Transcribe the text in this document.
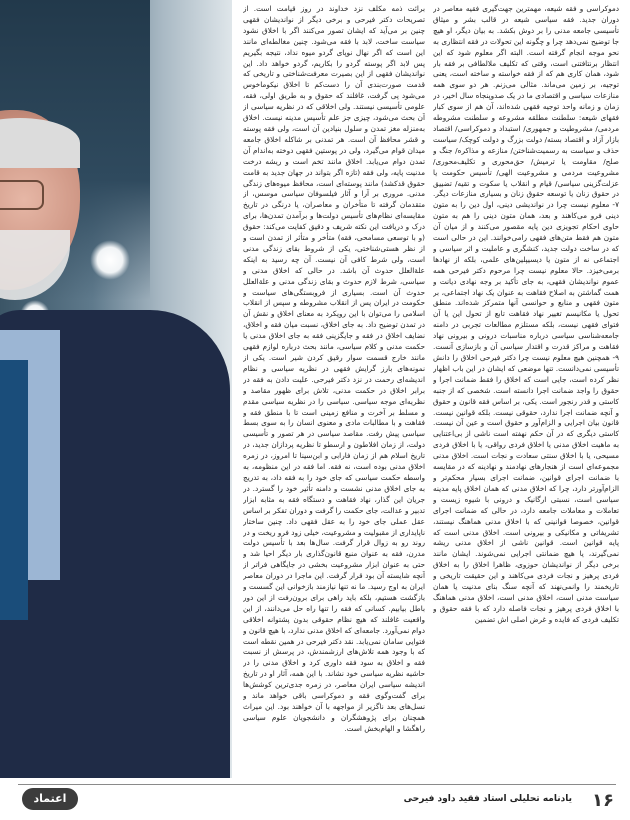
دموکراسی و فقه شیعه، مهمترین جهت‌گیری فقیه معاصر در دوران جدید. فقه سیاسی شیعه در قالب بشر و میثاق تأسیسی جامعه مدنی را بر دوش بکشد. به بیان دیگر، او هیچ جا توضیح نمی‌دهد چرا و چگونه این تحولات در فقه انتظاری به نحو موجه انجام گرفته است. البته اگر معلوم شود که این انتظار برنتافتنی است، وقتی که تکلیف ملالطافی بر فقه بار شود، همان کاری هم که از فقه خواسته و ساخته است، یعنی توجیه، بر زمین می‌ماند. مثالی می‌زنم. هر دو سوی همه منازعات سیاسی و اقتصادی ما در یک صدوپنجاه سال اخیر، در زمان و زمانه واحد توجیه فقهی شده‌اند، آن هم از سوی کبار فقهای شیعه: سلطنت مطلقه مشروعه و سلطنت مشروطه مردمی/ مشروطیت و جمهوری/ استبداد و دموکراسی/ اقتصاد بازار آزاد و اقتصاد بسته/ دولت بزرگ و دولت کوچک/ سیاست حذف و سیاست به رسمیت‌شناختن/ منازعه و مذاکره/ جنگ و صلح/ مقاومت یا ترمیش/ حق‌محوری و تکلیف‌محوری/ مشروعیت مردمی و مشروعیت الهی/ تأسیس حکومت یا عزلت‌گزینی سیاسی/ قیام و انقلاب یا سکوت و تقیه/ تضییق در حقوق زنان یا توسعه حقوق زنان و بسیاری منازعات دیگر. ۷- معلوم نیست چرا در نواندیشی دینی، اول دین را به متون دینی فرو می‌کاهند و بعد، همان متون دینی را هم به متون حاوی احکام تجویزی دین پایه مقصور می‌کنند و از میان آن متون هم فقط متن‌های فقهی رامی‌خوانند. این در حالی است که در ساخت دولت جدید، کنشگری و عاملیت و اثر سیاسی و اجتماعی نه از متون یا دیسیپلین‌های علمی، بلکه از نهادها برمی‌خیزد. حالا معلوم نیست چرا مرحوم دکتر فیرحی همه عموم نواندیشان فقهی، به جای تأکید بر وجه نهادی دیانت و همت گماشتن به اصلاح فقاهت به عنوان یک نهاد اجتماعی، بر متون فقهی و منابع و حوانسی آنها متمرکز شده‌اند. منطق تحول یا مکانیسم تغییر نهاد فقاهت تابع از تحول این یا آن فتوای فقهی نیست، بلکه مستلزم مطالعات تجربی در دامنه جامعه‌شناسی سیاسی درباره مناسبات درونی و بیرونی نهاد فقاهت و مراکز قدرت و اقتدار سیاسی آن و بازسازی آنست. ۹- همچنین هیچ معلوم نیست چرا دکتر فیرحی اخلاق را دانش تأسیسی نمی‌دانست. تنها موضعی که ایشان در این باب اظهار نظر کرده است، جایی است که اخلاق را فقط ضمانت اجرا و حقوق را واجد ضمانت اجرا دانسته است. شخصی که از جنبه کاستی و قدر رنجور است. یکی، بر اساس فقه قانون و حقوق و آنچه ضمانت اجرا ندارد، حقوقی نیست. بلکه قوانین نیست. قانون بیان اجرایی و الزام‌آور و حقوق است و عین آن نیست. کاستی دیگری که در آن حکم نهفته است ناشی از بی‌اعتنایی به ماهیت اخلاق مدنی یا اخلاق فردی رواقی، یا با اخلاق فردی مسیحی، یا با اخلاق سنتی سعادت و نجات است. اخلاق مدنی مجموعه‌ای است از هنجارهای نهادمند و نهادینه که در مقایسه با ضمانت اجرای قوانین، ضمانت اجرای بسیار محکم‌تر و الزام‌آورتر دارد، چرا که اخلاق مدنی که همان اخلاق پایه مدینه سیاسی است، نسبتی ارگانیک و درونی با شیوه زیست و تعاملات و معاملات جامعه دارد، در حالی که ضمانت اجرای قوانین، خصوصا قوانینی که با اخلاق مدنی هماهنگ نیستند، تشریفاتی و مکانیکی و بیرونی است. اخلاق مدنی است که پایه قوانین است. قوانین ناشی از اخلاق مدنی ریشه نمی‌گیرند، یا هیچ ضمانتی اجرایی نمی‌شوند. ایشان مانند برخی دیگر از نواندیشان حوزوی، ظاهرا اخلاق را به اخلاق فردی پرهیز و نجات فردی می‌کاهند و این حقیقت تاریخی و تاریخمند را وانمی‌نهند که آنچه سنگ بنای مدنیت یا همان سیاست مدنی است، اخلاق مدنی است، اخلاق مدنی هماهنگ با اخلاق فردی پرهیز و نجات فاصله دارد که با فقه حقوق و تکلیف فردی که فایده و غرض اصلی اش تضمین

برائت ذمه مکلف نزد خداوند در روز قیامت است. از تصریحات دکتر فیرحی و برخی دیگر از نواندیشان فقهی چنین بر می‌آید که ایشان تصور می‌کنند اگر با اخلاق نشود سیاست ساخت، لابد با فقه می‌شود. چنین مغالطه‌ای مانند این است که اگر نهال نوپای گردو میوه نداد، نتیجه بگیریم پس لابد اگر پوسته گردو را بکاریم، گردو خواهد داد. این نواندیشان فقهی از این بصیرت معرفت‌شناختی و تاریخی که قدمت صورت‌بندی آن را دست‌کم تا اخلاق نیکوماخوس می‌شود پی گرفت، غافلند که حقوق و به طریق اولی، فقه، علومی تأسیسی نیستند. ولی اخلاقی که در نظریه سیاسی از آن بحث می‌شود، چیزی جز علم تأسیس مدینه نیست. اخلاق به‌منزله مغز تمدن و سلول بنیادین آن است، ولی فقه پوسته و قشر محافظ آن است. هر تمدنی بر شاکله اخلاق جامعه میدان قوام می‌گیرد، ولی در پوستین فقهی دوخته به‌اندام آن تمدن دوام می‌یابد. اخلاق مانند تخم است و ریشه درخت مدنیت پایه، ولی فقه (تازه اگر بتواند در جهان جدید به قامت حقوق قدکشد) مانند پوسته‌ای است، محافظ میوه‌های زندگی مدنی. مروری بر آرا و آثار فیلسوفان سیاسی موسس، از متقدمان گرفته تا متأخران و معاصران، یا درنگی در تاریخ مقایسه‌ای نظام‌های تأسیس دولت‌ها و برآمدن تمدن‌ها، برای درک و دریافت این نکته شریف و دقیق کفایت می‌کند: حقوق (و با توسعی مسامحی، فقه) متأخر و متأثر از تمدن است و از نظر هستی‌شناختی، یکی از شروط بقای زندگی مدنی است، ولی شرط کافی آن نیست. آن چه رسید به اینکه علة‌العلل حدوث آن باشد. در حالی که اخلاق مدنی و سیاسی، شرط لازم حدوث و بقای زندگی مدنی و علة‌العلل حدوث آن است. بسیاری از فروبستگی‌های سیاست و حکومت در ایران پس از انقلاب مشروطه و سپس از انقلاب اسلامی را می‌توان با این رویکرد به معنای اخلاق و نقش آن در تمدن توضیح داد. به جای اخلاق، نسبت میان فقه و اخلاق، نضایف اخلاق در فقه و جایگزینی فقه به جای اخلاق مدنی یا حکمت مدنی و کلام سیاسی، مانند بحث درباره لوازم فقهی مانند خارج قسمت سوار رقیق کردن شیر است. یکی از نمونه‌های بارز گرایش فقهی در نظریه سیاسی و نظام اندیشه‌ای رحمت در نزد دکتر فیرحی. علیت دادن به فقه در برابر اخلاق در حکمت مدنی، تلاش برای ظهور مقاصد و نظریه‌ای موجه سیاسی. سیاسی را در نظریه سیاسی مقدم و مسلط بر آخرت و منافع زمینی است تا با منطق فقه و فقاهت و با مطالبات مادی و معنوی انسان را به سوی بسط سیاسی پیش رفت. مقاصد سیاسی در هر تصور و تأسیسی دولت، از زمان افلاطون و ارسطو تا نظریه پردازان جدید، در تاریخ اسلام هم از زمان فارابی و ابن‌سینا تا امروز، در زمره اخلاق مدنی بوده است، نه فقه. اما فقه در این منظومه، به واسطه حکمت سیاسی که جای خود را به فقه داد، به تدریج به جای اخلاق مدنی نشست و دامنه تأثیر خود را گسترد. در جریان این گذار، نهاد فقاهت و دستگاه فقه به مثابه ابزار تدبیر و عدالت، جای حکمت را گرفت و دوران تفکر بر اساس عقل عملی جای خود را به عقل فقهی داد. چنین ساختار ناپایداری از مقبولیت و مشروعیت، خیلی زود فرو ریخت و در روند رو به زوال قرار گرفت. سال‌ها بعد با تأسیس دولت مدرن، فقه به عنوان منبع قانون‌گذاری بار دیگر احیا شد و حتی به عنوان ابزار مشروعیت بخشی در جایگاهی فراتر از آنچه شایسته آن بود قرار گرفت. این ماجرا در دوران معاصر ایران به اوج رسید. ما نه تنها نیازمند بازخوانی این گسست و بازگشت هستیم، بلکه باید راهی برای برون‌رفت از این دور باطل بیابیم. کسانی که فقه را تنها راه حل می‌دانند، از این واقعیت غافلند که هیچ نظام حقوقی بدون پشتوانه اخلاقی دوام نمی‌آورد. جامعه‌ای که اخلاق مدنی ندارد، با هیچ قانون و فتوایی سامان نمی‌یابد. نقد دکتر فیرحی در همین نقطه است که با وجود همه تلاش‌های ارزشمندش، در پرسش از نسبت فقه و اخلاق به سود فقه داوری کرد و اخلاق مدنی را در حاشیه نظریه سیاسی خود نشاند. با این همه، آثار او در تاریخ اندیشه سیاسی ایران معاصر، در زمره جدی‌ترین کوشش‌ها برای گفت‌وگوی فقه و دموکراسی باقی خواهد ماند و نسل‌های بعد ناگزیر از مواجهه با آن خواهند بود. این میراث همچنان برای پژوهشگران و دانشجویان علوم سیاسی راهگشا و الهام‌بخش است.

۱۶
یادنامه تحلیلی استاد فقید داود فیرحی
اعتماد
